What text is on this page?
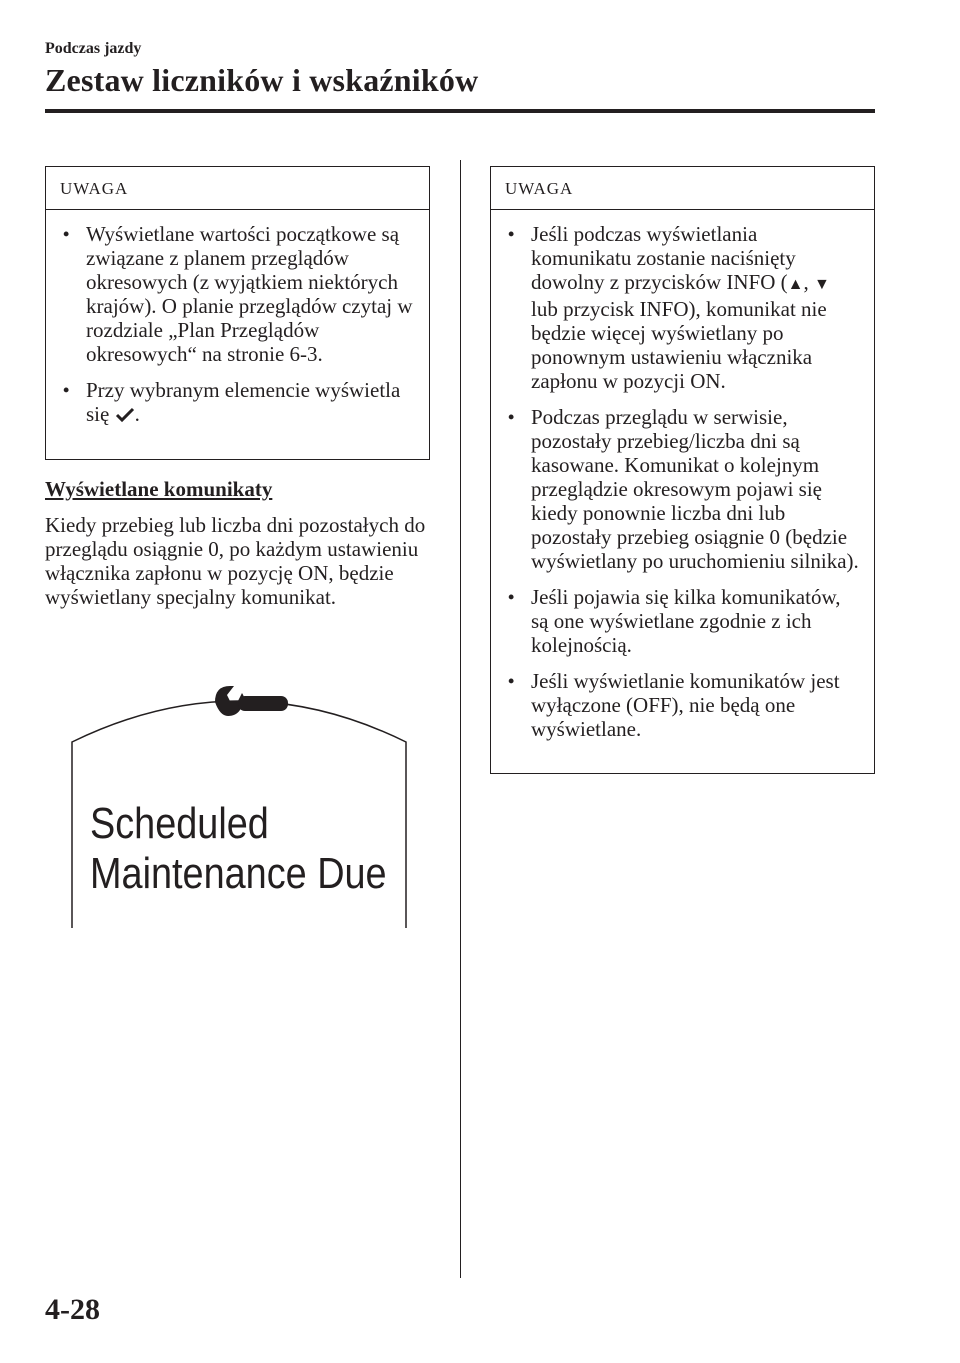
Podczas jazdy
Zestaw liczników i wskaźników
UWAGA
• Wyświetlane wartości początkowe są związane z planem przeglądów okresowych (z wyjątkiem niektórych krajów). O planie przeglądów czytaj w rozdziale „Plan Przeglądów okresowych“ na stronie 6-3.
• Przy wybranym elemencie wyświetla się .
Wyświetlane komunikaty

Kiedy przebieg lub liczba dni pozostałych do przeglądu osiągnie 0, po każdym ustawieniu włącznika zapłonu w pozycję ON, będzie wyświetlany specjalny komunikat.

Scheduled
Maintenance Due
UWAGA
• Jeśli podczas wyświetlania komunikatu zostanie naciśnięty dowolny z przycisków INFO (▲, ▼ lub przycisk INFO), komunikat nie będzie więcej wyświetlany po ponownym ustawieniu włącznika zapłonu w pozycji ON.
• Podczas przeglądu w serwisie, pozostały przebieg/liczba dni są kasowane. Komunikat o kolejnym przeglądzie okresowym pojawi się kiedy ponownie liczba dni lub pozostały przebieg osiągnie 0 (będzie wyświetlany po uruchomieniu silnika).
• Jeśli pojawia się kilka komunikatów, są one wyświetlane zgodnie z ich kolejnością.
• Jeśli wyświetlanie komunikatów jest wyłączone (OFF), nie będą one wyświetlane.

4-28
